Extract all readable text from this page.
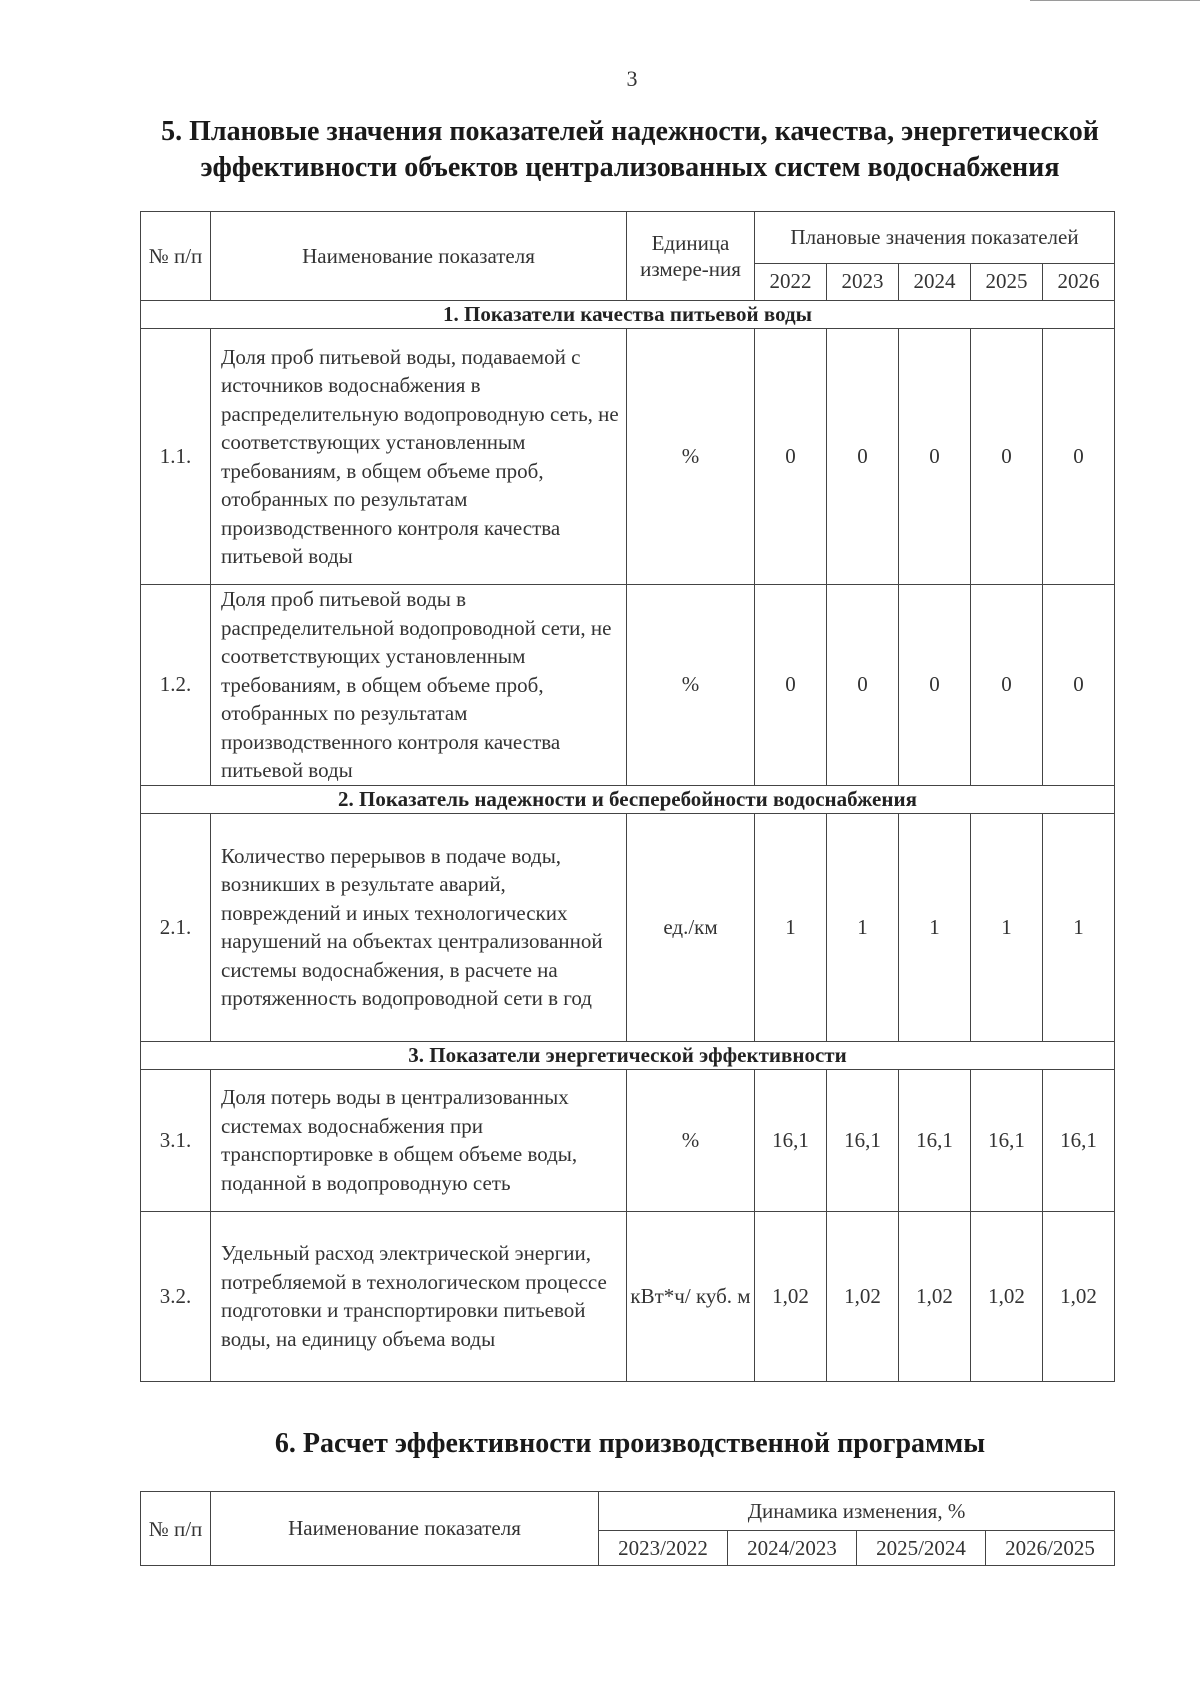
3
5. Плановые значения показателей надежности, качества, энергетической
эффективности объектов централизованных систем водоснабжения
№ п/п	Наименование показателя	Единица измере-ния	Плановые значения показателей				
			2022	2023	2024	2025	2026
1. Показатели качества питьевой воды							
1.1.	Доля проб питьевой воды, подаваемой с источников водоснабжения в распределительную водопроводную сеть, не соответствующих установленным требованиям, в общем объеме проб, отобранных по результатам производственного контроля качества питьевой воды	%	0	0	0	0	0
1.2.	Доля проб питьевой воды в распределительной водопроводной сети, не соответствующих установленным требованиям, в общем объеме проб, отобранных по результатам производственного контроля качества питьевой воды	%	0	0	0	0	0
2. Показатель надежности и бесперебойности водоснабжения							
2.1.	Количество перерывов в подаче воды, возникших в результате аварий, повреждений и иных технологических нарушений на объектах централизованной системы водоснабжения, в расчете на протяженность водопроводной сети в год	ед./км	1	1	1	1	1
3. Показатели энергетической эффективности							
3.1.	Доля потерь воды в централизованных системах водоснабжения при транспортировке в общем объеме воды, поданной в водопроводную сеть	%	16,1	16,1	16,1	16,1	16,1
3.2.	Удельный расход электрической энергии, потребляемой в технологическом процессе подготовки и транспортировки питьевой воды, на единицу объема воды	кВт*ч/ куб. м	1,02	1,02	1,02	1,02	1,02
6. Расчет эффективности производственной программы
№ п/п	Наименование показателя	Динамика изменения, %			
		2023/2022	2024/2023	2025/2024	2026/2025
